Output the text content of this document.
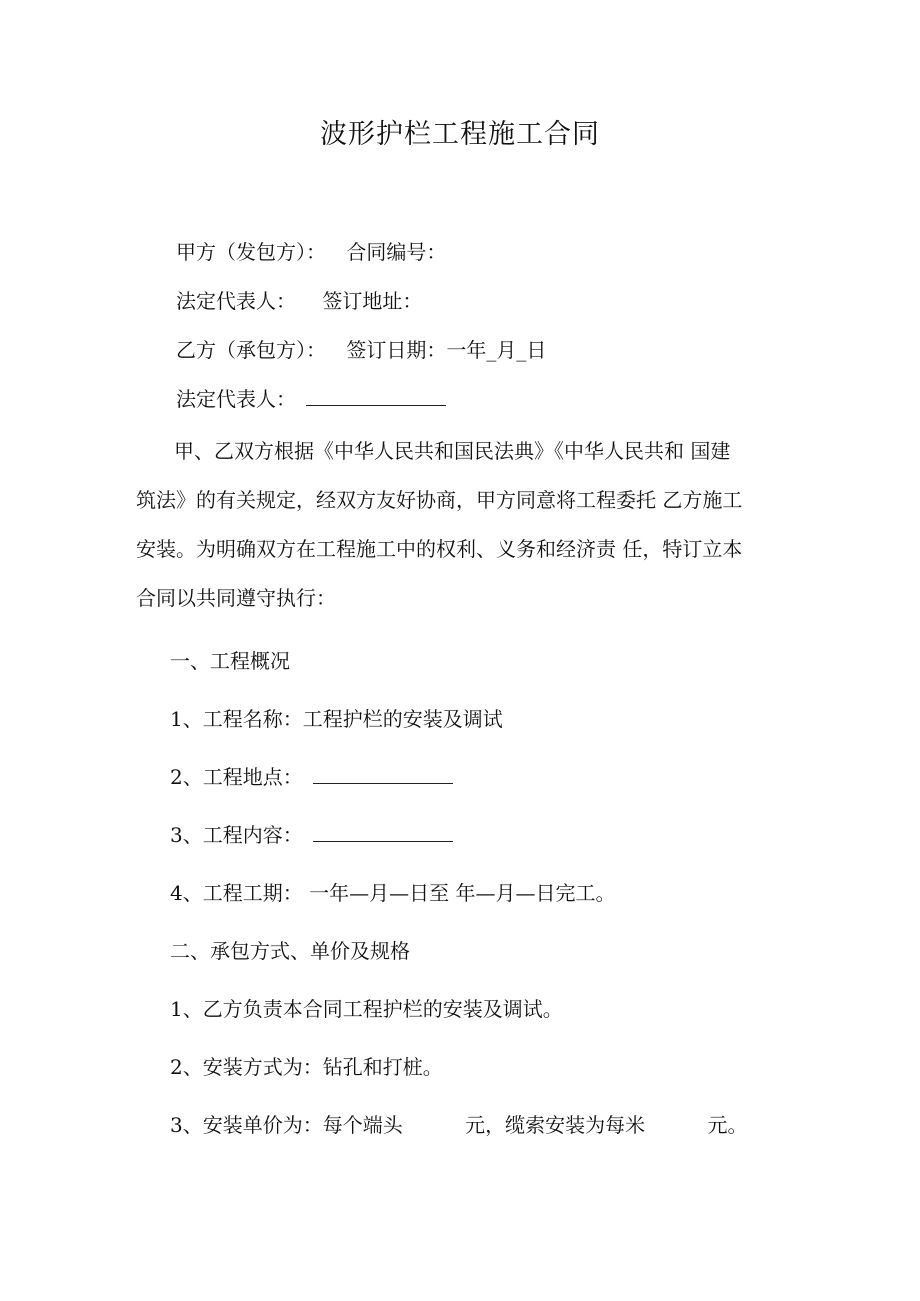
波形护栏工程施工合同
甲方（发包方）： 合同编号：
法定代表人： 签订地址：
乙方（承包方）： 签订日期：一年_月_日
法定代表人：
甲、乙双方根据《中华人民共和国民法典》《中华人民共和 国建
筑法》的有关规定，经双方友好协商，甲方同意将工程委托 乙方施工
安装。为明确双方在工程施工中的权利、义务和经济责 任，特订立本
合同以共同遵守执行：
一、工程概况
1、工程名称：工程护栏的安装及调试
2、工程地点：
3、工程内容：
4、工程工期： 一年—月—日至 年—月—日完工。
二、承包方式、单价及规格
1、乙方负责本合同工程护栏的安装及调试。
2、安装方式为：钻孔和打桩。
3、安装单价为：每个端头	元，缆索安装为每米	元。
